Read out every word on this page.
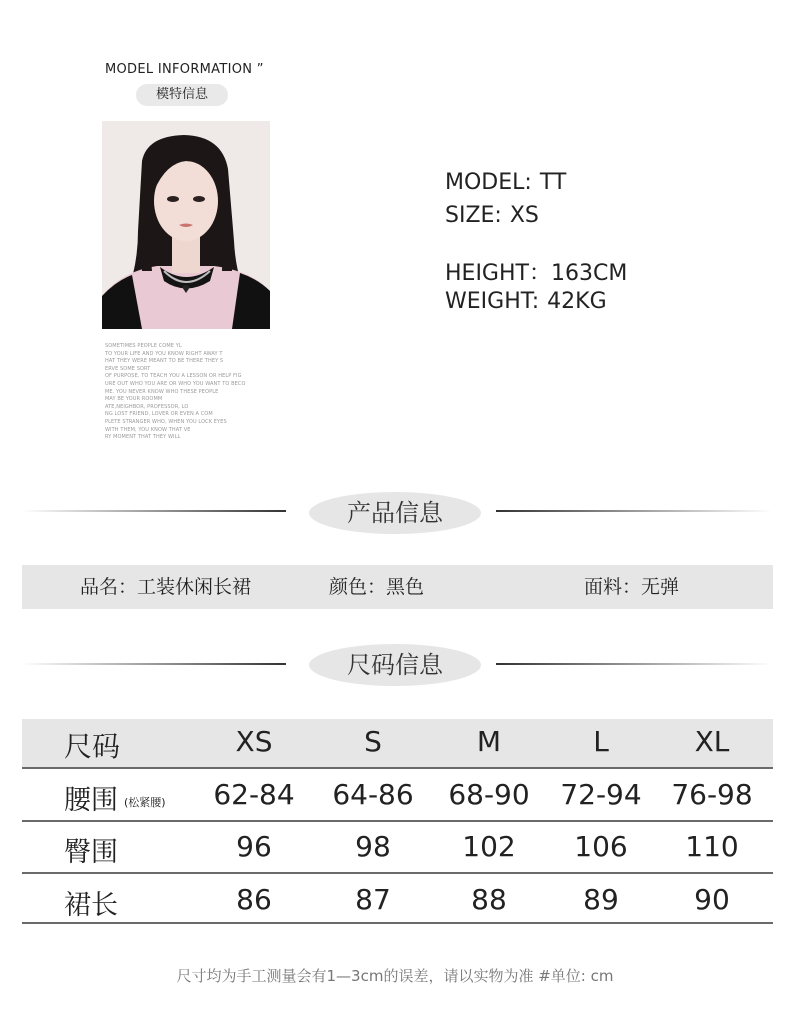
MODEL INFORMATION ”
模特信息
SOMETIMES PEOPLE COME YL
TO YOUR LIFE AND YOU KNOW RIGHT AWAY T
HAT THEY WERE MEANT TO BE THERE THEY S
ERVE SOME SORT
OF PURPOSE, TO TEACH YOU A LESSON OR HELP FIG
URE OUT WHO YOU ARE OR WHO YOU WANT TO BECO
ME. YOU NEVER KNOW WHO THESE PEOPLE
MAY BE YOUR ROOMM
ATE,NEIGHBOR, PROFESSOR, LO
NG LOST FRIEND, LOVER OR EVEN A COM
PLETE STRANGER WHO, WHEN YOU LOCK EYES
WITH THEM, YOU KNOW THAT VE
RY MOMENT THAT THEY WILL
MODEL: TT
SIZE: XS
HEIGHT：163CM
WEIGHT: 42KG
产品信息
品名：工装休闲长裙	颜色：黑色	面料：无弹
尺码信息
尺码	XS	S	M	L	XL
腰围 (松紧腰)	62-84	64-86	68-90	72-94	76-98
臀围	96	98	102	106	110
裙长	86	87	88	89	90
尺寸均为手工测量会有1—3cm的误差，请以实物为准 #单位: cm
